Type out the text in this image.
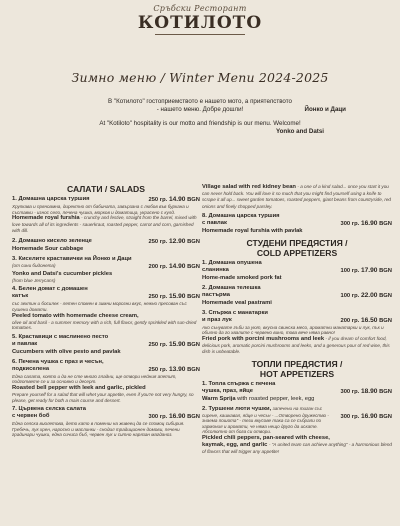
Сръбски Ресторант
КОТИЛОТО
Зимно меню / Winter Menu 2024-2025
В "Котилото" гостоприемството е нашето мото, а приятелството
- нашето меню. Добре дошли!	Йонко и Даци
At "Kotiloto" hospitality is our motto and friendship is our menu. Welcome!
Yonko and Datsi
САЛАТИ / SALADS
1. Домашна царска туршия	250 гр. 14.90 BGN
Хрупкава и пряноамна, директно от бабината, завързана с любов във буркана и съставки - износ село, печена чушка, морков и доматица, украсено с кулд.
Homemade royal furshia - crunchy and festive, straight from the barrel, mixed with love towards all of its ingredients - sauerkraut, roasted pepper, carrot and corn, garnished with dill.
2. Домашно кисело зеленце	250 гр. 12.90 BGN
Homemade Sour cabbage
3. Киселите краставички на Йонко и Даци
(от сини бидонета)	200 гр. 14.90 BGN
Yonko and Datsi's cucumber pickles
(from blue Jerrycans)
4. Белен домат с домашен
катък	250 гр. 15.90 BGN
със зехтин и босилек - летен спомен в зимни морозни вкус, нежно пресован със сушени домати.
Peeled tomato with homemade cheese cream,
olive oil and basil - a summer memory with a rich, full flavor, gently sprinkled with sun-dried tomatoes.
5. Краставици с маслинено песто
и павлак	250 гр. 15.90 BGN
Cucumbers with olive pesto and pavlak
6. Печена чушка с праз и чесън,
подкиселена	250 гр. 13.90 BGN
Една салата, която и да не сте много гладни, ще отвори нейния апетит, подгответе се и за основно и десерт.
Roasted bell pepper with leek and garlic, pickled
Prepare yourself for a salad that will whet your appetite, even if you're not very hungry, so please, get ready for both a main course and dessert.
7. Цървена селска салата
с червен боб	300 гр. 16.90 BGN
Една селска виолетова, дето като в поменш на живеец да се спомоц сибирия. Гребечь, лук хрен, наросно и маслинки - снодил традиционен домови, печени градинари чушки, една сичиса бъб, червен лук и ситно нарязан магданоз.
Village salad with red kidney bean - a one of a kind salad... once you start it you can never hold back. You will love it so much that you might find yourself using a knife to scrape it all up... sweet garden tomatoes, roasted peppers, giant beans from countryside, red onions and finely chopped parsley.
8. Домашна царска туршия
с павлак	300 гр. 16.90 BGN
Homemade royal furshia with pavlak
СТУДЕНИ ПРЕДЯСТИЯ /
COLD APPETIZERS
1. Домашна опушена
сланинка	100 гр. 17.90 BGN
Home-made smoked pork fat
2. Домашна телешка
пастърма	100 гр. 22.00 BGN
Homemade veal pastrami
3. Спържа с манатарки
и праз лук	200 гр. 16.50 BGN
Ако сънувате гъби за уют, вкусна свинска месо, ароматни манатарки и лук, пък и обилно да го хвалите с червено вино, това вече няма равно!
Fried pork with porcini mushrooms and leek - if you dream of comfort food, delicious pork, aromatic porcini mushrooms and leeks, and a generous pour of red wine, this dish is unbeatable.
ТОПЛИ ПРЕДЯСТИЯ /
HOT APPETIZERS
1. Топла спържа с печена
чушка, праз, яйце	300 гр. 18.90 BGN
Warm Sprija with roasted pepper, leek, egg
2. Туршени люти чушки, запечени на тиган със
сирене, кашкавал, яйце и чесън - ...Отворено дружество - знаема пошота" - тези вкусове така са се събрали по хармония и аромати, че няма нещо друго да искате. Абсолютно от бога си отвори.
300 гр. 16.90 BGN
Pickled chili peppers, pan-seared with cheese,
kaymak, egg, and garlic - "A united team can achieve anything" - a harmonious blend of flavors that will trigger any appetite!
